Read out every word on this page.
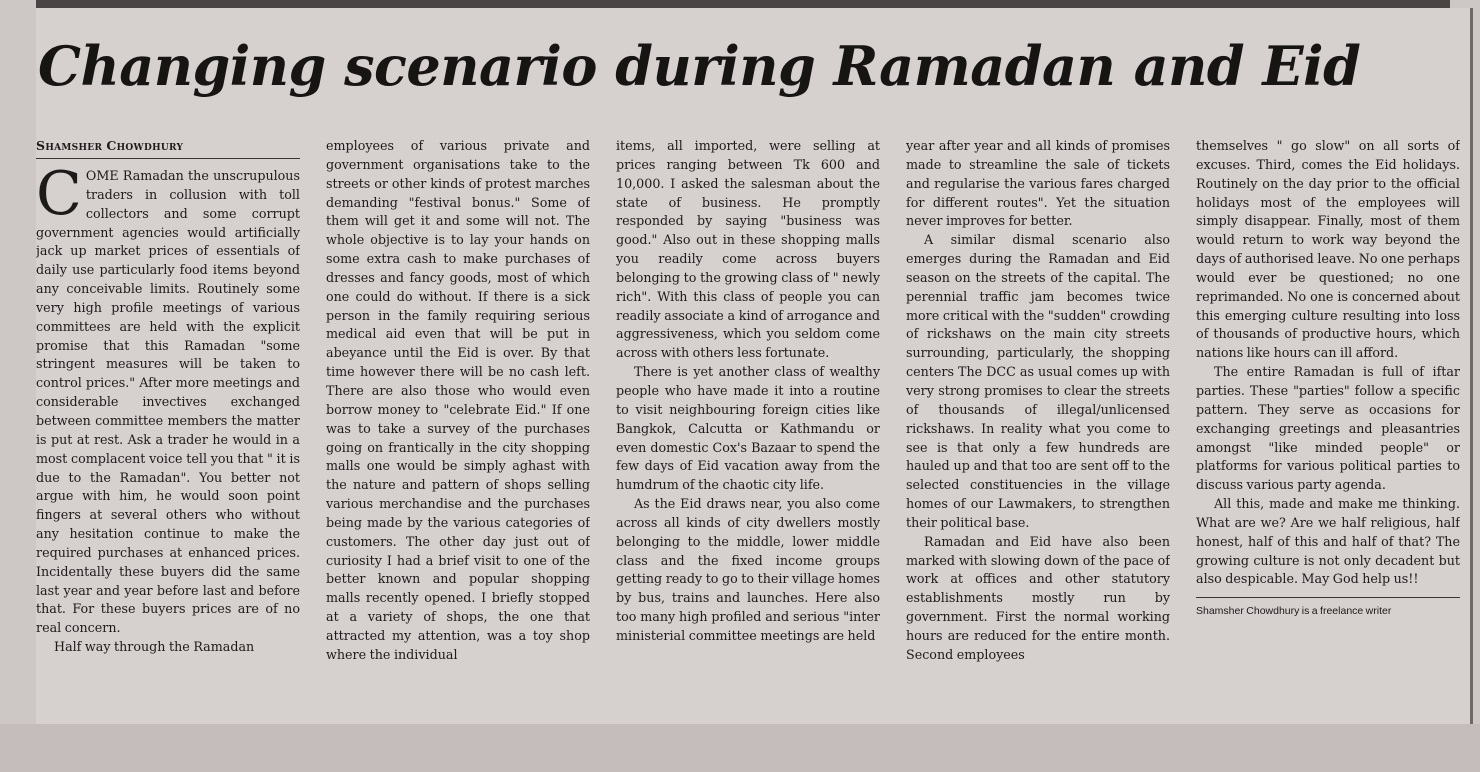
Changing scenario during Ramadan and Eid
Shamsher Chowdhury

COME Ramadan the unscrupulous traders in collusion with toll collectors and some corrupt government agencies would artificially jack up market prices of essentials of daily use particularly food items beyond any conceivable limits. Routinely some very high profile meetings of various committees are held with the explicit promise that this Ramadan "some stringent measures will be taken to control prices." After more meetings and considerable invectives exchanged between committee members the matter is put at rest. Ask a trader he would in a most complacent voice tell you that " it is due to the Ramadan". You better not argue with him, he would soon point fingers at several others who without any hesitation continue to make the required purchases at enhanced prices. Incidentally these buyers did the same last year and year before last and before that. For these buyers prices are of no real concern.

Half way through the Ramadan

employees of various private and government organisations take to the streets or other kinds of protest marches demanding "festival bonus." Some of them will get it and some will not. The whole objective is to lay your hands on some extra cash to make purchases of dresses and fancy goods, most of which one could do without. If there is a sick person in the family requiring serious medical aid even that will be put in abeyance until the Eid is over. By that time however there will be no cash left. There are also those who would even borrow money to "celebrate Eid." If one was to take a survey of the purchases going on frantically in the city shopping malls one would be simply aghast with the nature and pattern of shops selling various merchandise and the purchases being made by the various categories of customers. The other day just out of curiosity I had a brief visit to one of the better known and popular shopping malls recently opened. I briefly stopped at a variety of shops, the one that attracted my attention, was a toy shop where the individual

items, all imported, were selling at prices ranging between Tk 600 and 10,000. I asked the salesman about the state of business. He promptly responded by saying "business was good." Also out in these shopping malls you readily come across buyers belonging to the growing class of " newly rich". With this class of people you can readily associate a kind of arrogance and aggressiveness, which you seldom come across with others less fortunate.

There is yet another class of wealthy people who have made it into a routine to visit neighbouring foreign cities like Bangkok, Calcutta or Kathmandu or even domestic Cox's Bazaar to spend the few days of Eid vacation away from the humdrum of the chaotic city life.

As the Eid draws near, you also come across all kinds of city dwellers mostly belonging to the middle, lower middle class and the fixed income groups getting ready to go to their village homes by bus, trains and launches. Here also too many high profiled and serious "inter ministerial committee meetings are held

year after year and all kinds of promises made to streamline the sale of tickets and regularise the various fares charged for different routes". Yet the situation never improves for better.

A similar dismal scenario also emerges during the Ramadan and Eid season on the streets of the capital. The perennial traffic jam becomes twice more critical with the "sudden" crowding of rickshaws on the main city streets surrounding, particularly, the shopping centers The DCC as usual comes up with very strong promises to clear the streets of thousands of illegal/unlicensed rickshaws. In reality what you come to see is that only a few hundreds are hauled up and that too are sent off to the selected constituencies in the village homes of our Lawmakers, to strengthen their political base.

Ramadan and Eid have also been marked with slowing down of the pace of work at offices and other statutory establishments mostly run by government. First the normal working hours are reduced for the entire month. Second employees

themselves " go slow" on all sorts of excuses. Third, comes the Eid holidays. Routinely on the day prior to the official holidays most of the employees will simply disappear. Finally, most of them would return to work way beyond the days of authorised leave. No one perhaps would ever be questioned; no one reprimanded. No one is concerned about this emerging culture resulting into loss of thousands of productive hours, which nations like hours can ill afford.

The entire Ramadan is full of iftar parties. These "parties" follow a specific pattern. They serve as occasions for exchanging greetings and pleasantries amongst "like minded people" or platforms for various political parties to discuss various party agenda.

All this, made and make me thinking. What are we? Are we half religious, half honest, half of this and half of that? The growing culture is not only decadent but also despicable. May God help us!!

Shamsher Chowdhury is a freelance writer
